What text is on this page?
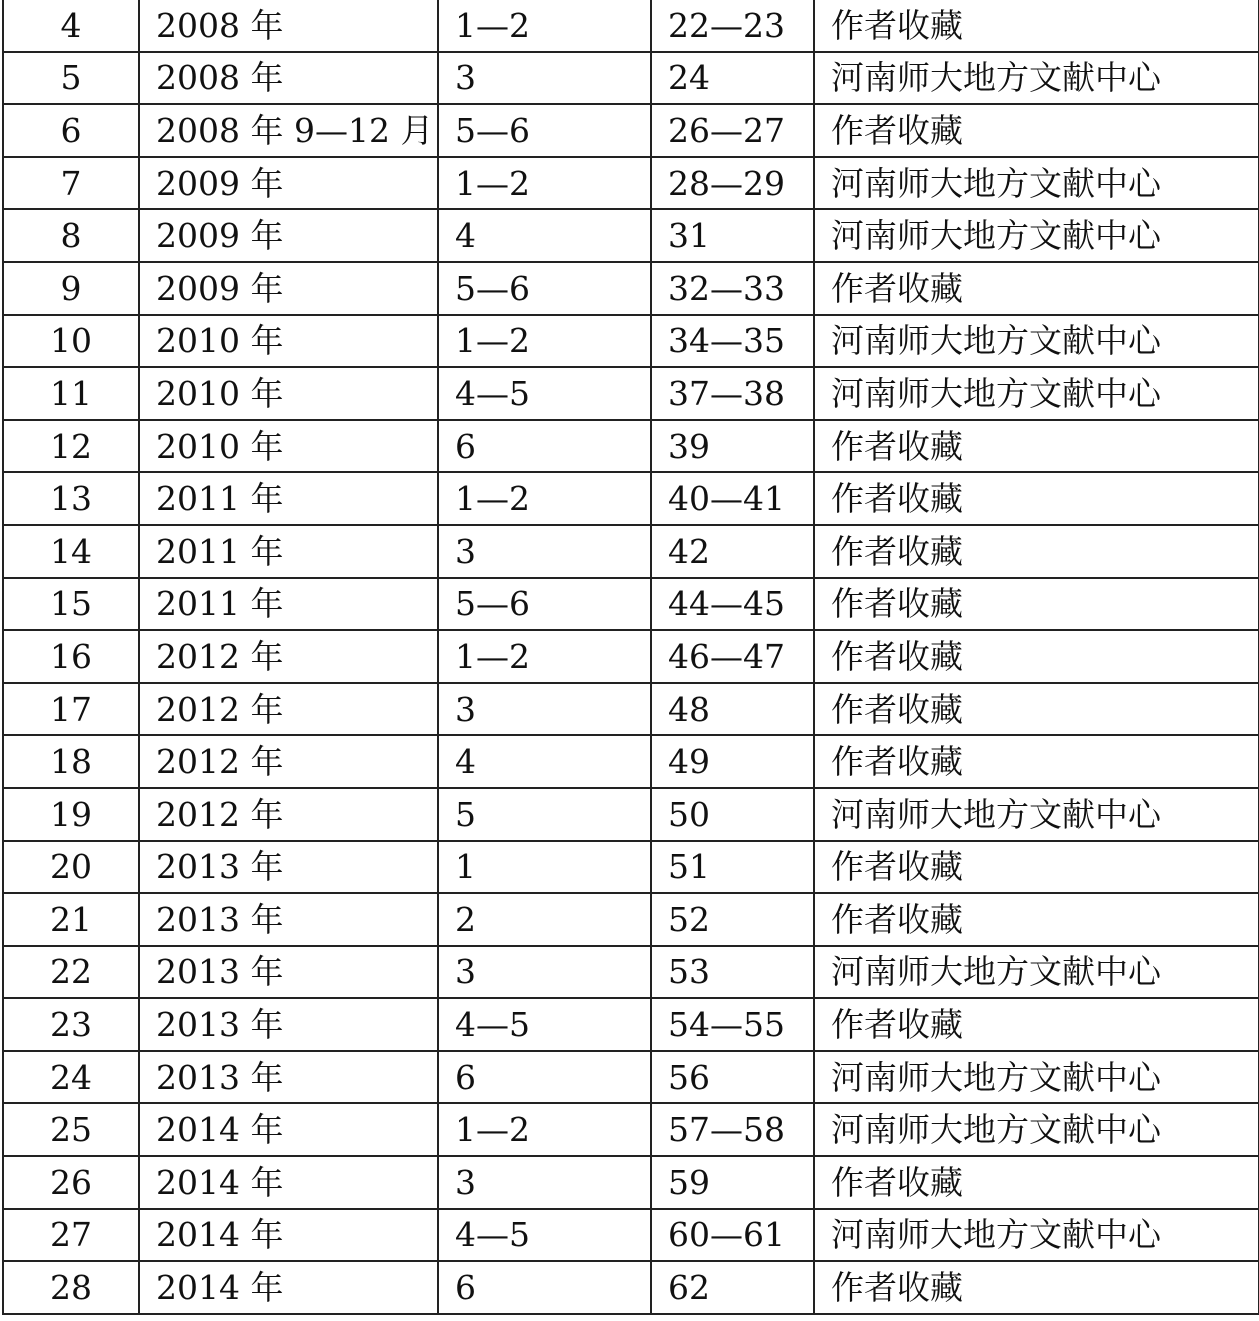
4	2008 年	1—2	22—23	作者收藏
5	2008 年	3	24	河南师大地方文献中心
6	2008 年 9—12 月	5—6	26—27	作者收藏
7	2009 年	1—2	28—29	河南师大地方文献中心
8	2009 年	4	31	河南师大地方文献中心
9	2009 年	5—6	32—33	作者收藏
10	2010 年	1—2	34—35	河南师大地方文献中心
11	2010 年	4—5	37—38	河南师大地方文献中心
12	2010 年	6	39	作者收藏
13	2011 年	1—2	40—41	作者收藏
14	2011 年	3	42	作者收藏
15	2011 年	5—6	44—45	作者收藏
16	2012 年	1—2	46—47	作者收藏
17	2012 年	3	48	作者收藏
18	2012 年	4	49	作者收藏
19	2012 年	5	50	河南师大地方文献中心
20	2013 年	1	51	作者收藏
21	2013 年	2	52	作者收藏
22	2013 年	3	53	河南师大地方文献中心
23	2013 年	4—5	54—55	作者收藏
24	2013 年	6	56	河南师大地方文献中心
25	2014 年	1—2	57—58	河南师大地方文献中心
26	2014 年	3	59	作者收藏
27	2014 年	4—5	60—61	河南师大地方文献中心
28	2014 年	6	62	作者收藏
